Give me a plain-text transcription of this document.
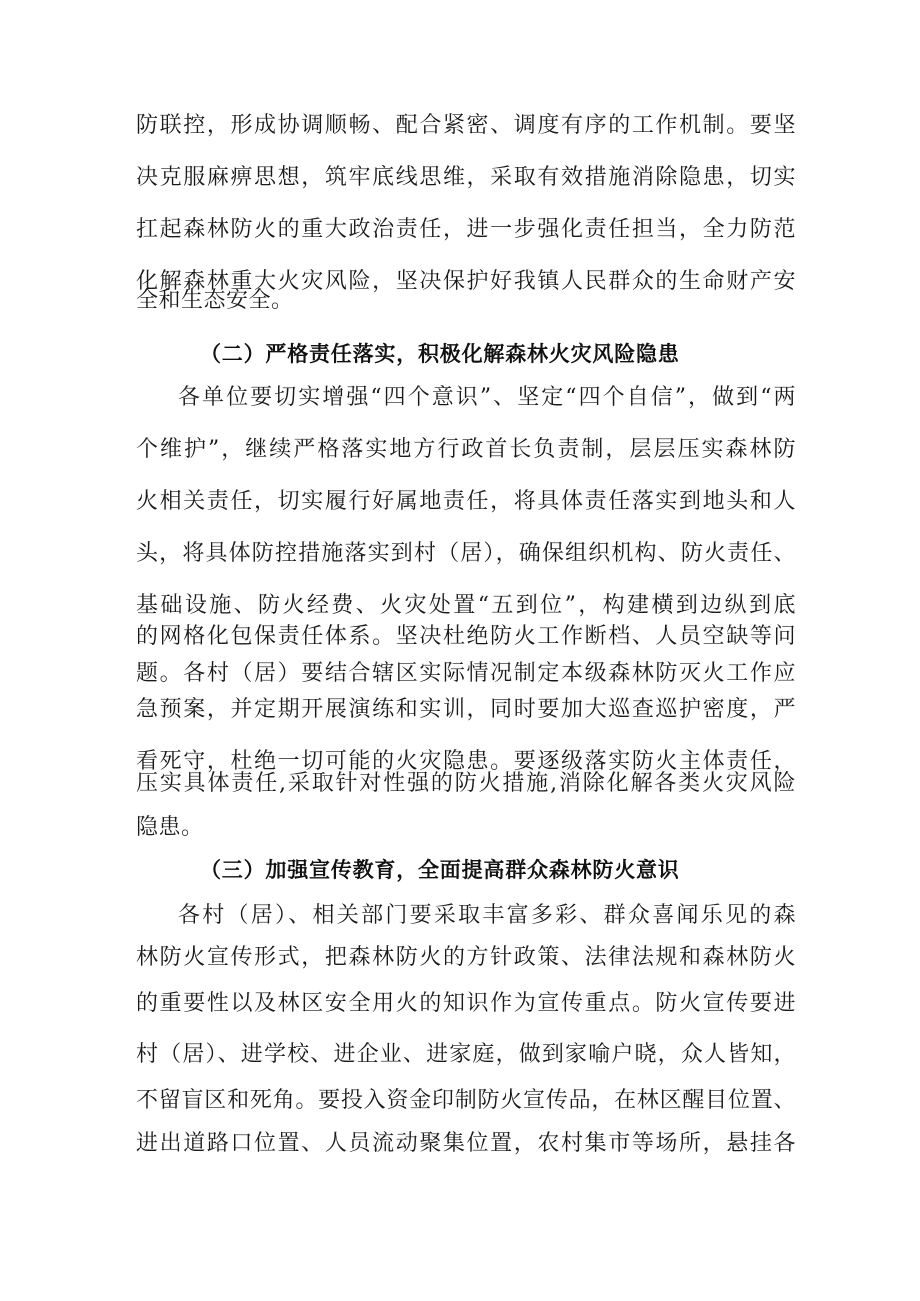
防联控，形成协调顺畅、配合紧密、调度有序的工作机制。要坚

决克服麻痹思想，筑牢底线思维，采取有效措施消除隐患，切实

扛起森林防火的重大政治责任，进一步强化责任担当，全力防范

化解森林重大火灾风险，坚决保护好我镇人民群众的生命财产安

全和生态安全。

（二）严格责任落实，积极化解森林火灾风险隐患

各单位要切实增强“四个意识”、坚定“四个自信”，做到“两

个维护”，继续严格落实地方行政首长负责制，层层压实森林防

火相关责任，切实履行好属地责任，将具体责任落实到地头和人

头，将具体防控措施落实到村（居），确保组织机构、防火责任、

基础设施、防火经费、火灾处置“五到位”，构建横到边纵到底

的网格化包保责任体系。坚决杜绝防火工作断档、人员空缺等问

题。各村（居）要结合辖区实际情况制定本级森林防灭火工作应

急预案，并定期开展演练和实训，同时要加大巡查巡护密度，严

看死守，杜绝一切可能的火灾隐患。要逐级落实防火主体责任，

压实具体责任,采取针对性强的防火措施,消除化解各类火灾风险

隐患。

（三）加强宣传教育，全面提高群众森林防火意识

各村（居）、相关部门要采取丰富多彩、群众喜闻乐见的森

林防火宣传形式，把森林防火的方针政策、法律法规和森林防火

的重要性以及林区安全用火的知识作为宣传重点。防火宣传要进

村（居）、进学校、进企业、进家庭，做到家喻户晓，众人皆知，

不留盲区和死角。要投入资金印制防火宣传品，在林区醒目位置、

进出道路口位置、人员流动聚集位置，农村集市等场所，悬挂各
